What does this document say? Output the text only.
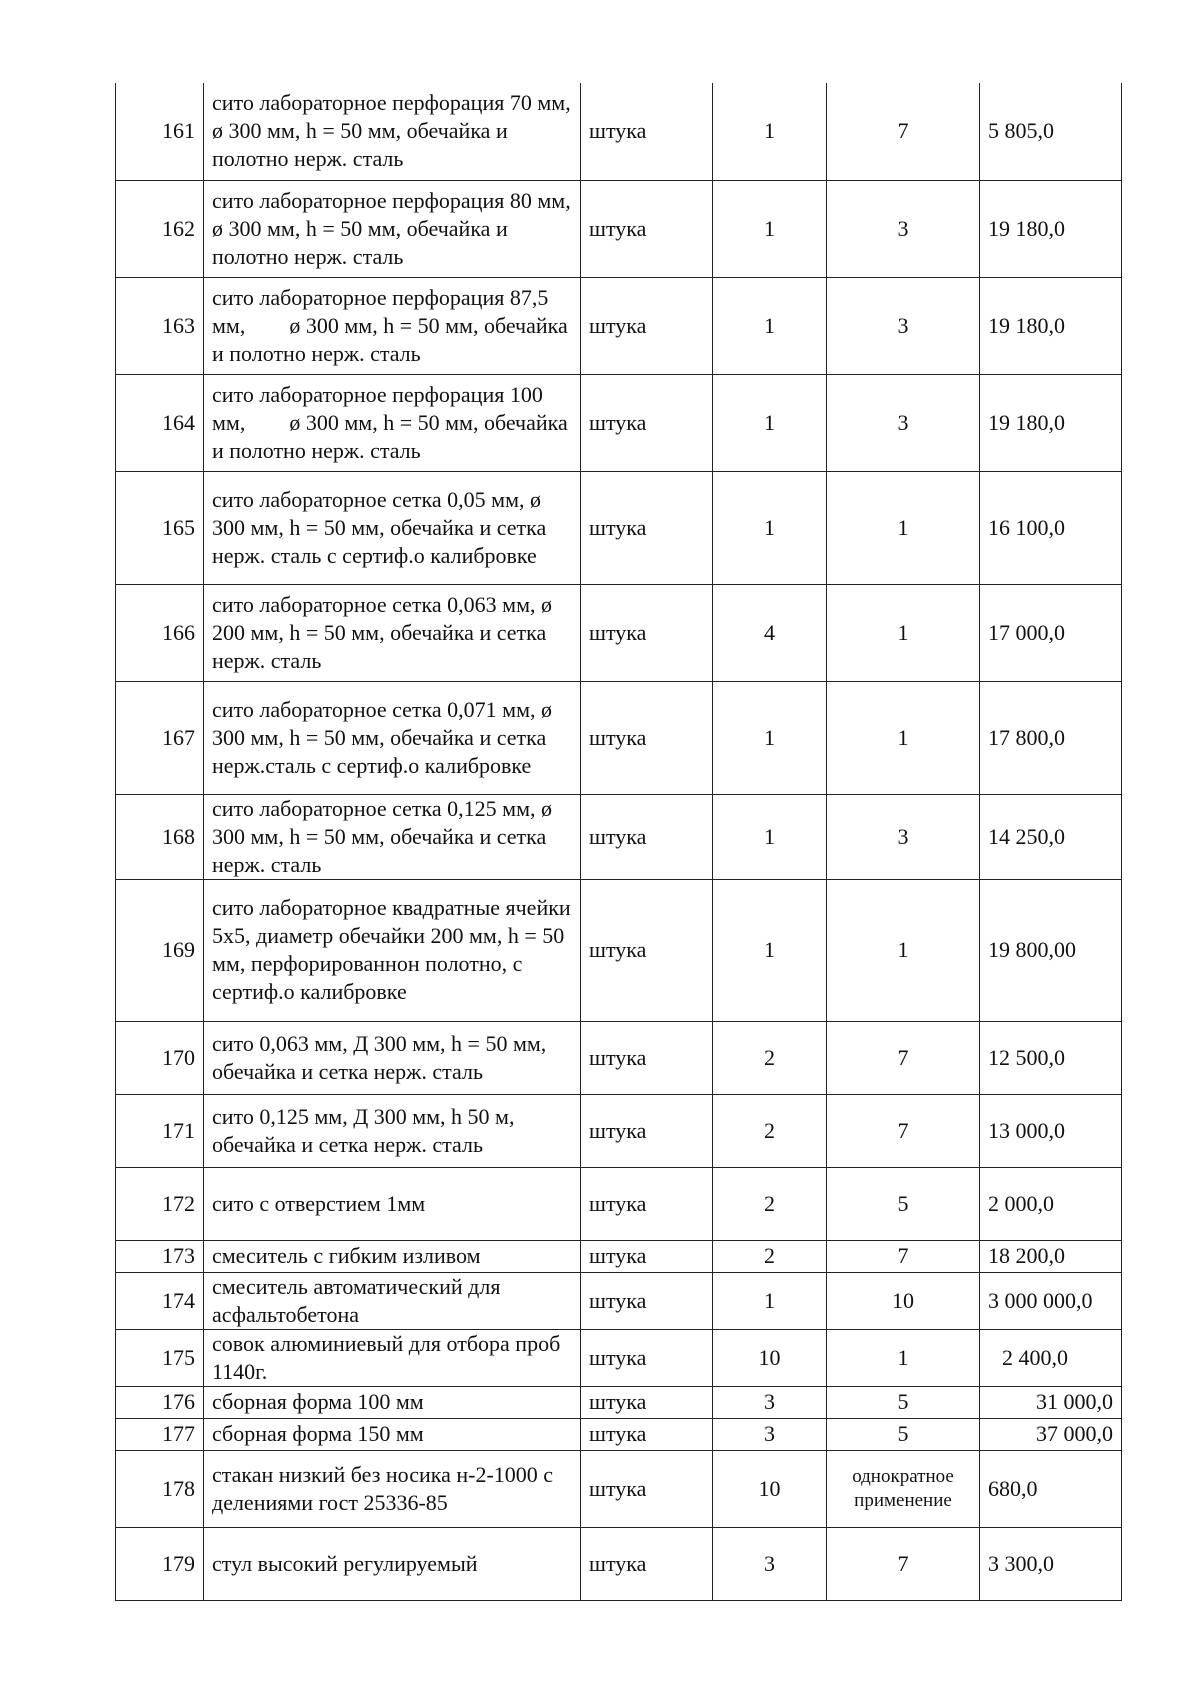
161	сито лабораторное перфорация 70 мм, ø 300 мм, h = 50 мм, обечайка и полотно нерж. сталь	штука	1	7	5 805,0
162	сито лабораторное перфорация 80 мм, ø 300 мм, h = 50 мм, обечайка и полотно нерж. сталь	штука	1	3	19 180,0
163	сито лабораторное перфорация 87,5 мм,        ø 300 мм, h = 50 мм, обечайка и полотно нерж. сталь	штука	1	3	19 180,0
164	сито лабораторное перфорация 100 мм,        ø 300 мм, h = 50 мм, обечайка и полотно нерж. сталь	штука	1	3	19 180,0
165	сито лабораторное сетка 0,05 мм, ø 300 мм, h = 50 мм, обечайка и сетка нерж. сталь с сертиф.о калибровке	штука	1	1	16 100,0
166	сито лабораторное сетка 0,063 мм, ø 200 мм, h = 50 мм, обечайка и сетка нерж. сталь	штука	4	1	17 000,0
167	сито лабораторное сетка 0,071 мм, ø 300 мм, h = 50 мм, обечайка и сетка нерж.сталь с сертиф.о калибровке	штука	1	1	17 800,0
168	сито лабораторное сетка 0,125 мм, ø 300 мм, h = 50 мм, обечайка и сетка нерж. сталь	штука	1	3	14 250,0
169	сито лабораторное квадратные ячейки 5х5, диаметр обечайки 200 мм, h = 50 мм, перфорированнон полотно, с сертиф.о калибровке	штука	1	1	19 800,00
170	сито 0,063 мм, Д 300 мм, h = 50 мм, обечайка и сетка нерж. сталь	штука	2	7	12 500,0
171	сито 0,125 мм, Д 300 мм, h 50 м, обечайка и сетка нерж. сталь	штука	2	7	13 000,0
172	сито с отверстием 1мм	штука	2	5	2 000,0
173	смеситель с гибким изливом	штука	2	7	18 200,0
174	смеситель автоматический для асфальтобетона	штука	1	10	3 000 000,0
175	совок алюминиевый для отбора проб 1140г.	штука	10	1	2 400,0
176	сборная форма 100 мм	штука	3	5	31 000,0
177	сборная форма 150 мм	штука	3	5	37 000,0
178	стакан низкий без носика н-2-1000 с делениями гост 25336-85	штука	10	однократное применение	680,0
179	стул высокий регулируемый	штука	3	7	3 300,0
